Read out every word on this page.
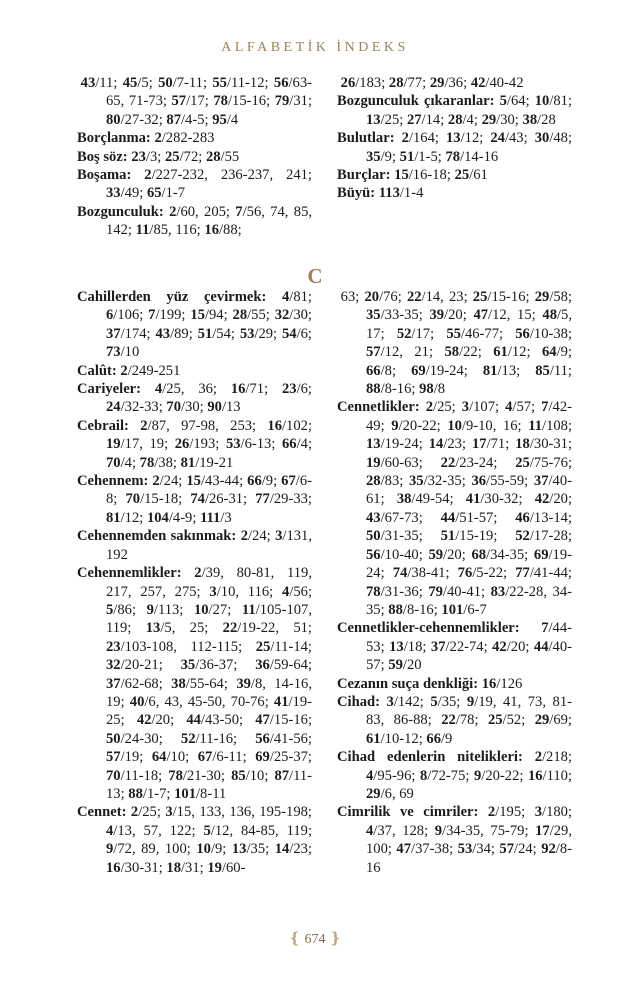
ALFABETİK İNDEKS
43/11; 45/5; 50/7-11; 55/11-12; 56/63-65, 71-73; 57/17; 78/15-16; 79/31; 80/27-32; 87/4-5; 95/4
Borçlanma: 2/282-283
Boş söz: 23/3; 25/72; 28/55
Boşama: 2/227-232, 236-237, 241; 33/49; 65/1-7
Bozgunculuk: 2/60, 205; 7/56, 74, 85, 142; 11/85, 116; 16/88;
26/183; 28/77; 29/36; 42/40-42
Bozgunculuk çıkaranlar: 5/64; 10/81; 13/25; 27/14; 28/4; 29/30; 38/28
Bulutlar: 2/164; 13/12; 24/43; 30/48; 35/9; 51/1-5; 78/14-16
Burçlar: 15/16-18; 25/61
Büyü: 113/1-4
C
Cahillerden yüz çevirmek: 4/81; 6/106; 7/199; 15/94; 28/55; 32/30; 37/174; 43/89; 51/54; 53/29; 54/6; 73/10
Calût: 2/249-251
Cariyeler: 4/25, 36; 16/71; 23/6; 24/32-33; 70/30; 90/13
Cebrail: 2/87, 97-98, 253; 16/102; 19/17, 19; 26/193; 53/6-13; 66/4; 70/4; 78/38; 81/19-21
Cehennem: 2/24; 15/43-44; 66/9; 67/6-8; 70/15-18; 74/26-31; 77/29-33; 81/12; 104/4-9; 111/3
Cehennemden sakınmak: 2/24; 3/131, 192
Cehennemlikler: 2/39, 80-81, 119, 217, 257, 275; 3/10, 116; 4/56; 5/86; 9/113; 10/27; 11/105-107, 119; 13/5, 25; 22/19-22, 51; 23/103-108, 112-115; 25/11-14; 32/20-21; 35/36-37; 36/59-64; 37/62-68; 38/55-64; 39/8, 14-16, 19; 40/6, 43, 45-50, 70-76; 41/19-25; 42/20; 44/43-50; 47/15-16; 50/24-30; 52/11-16; 56/41-56; 57/19; 64/10; 67/6-11; 69/25-37; 70/11-18; 78/21-30; 85/10; 87/11-13; 88/1-7; 101/8-11
Cennet: 2/25; 3/15, 133, 136, 195-198; 4/13, 57, 122; 5/12, 84-85, 119; 9/72, 89, 100; 10/9; 13/35; 14/23; 16/30-31; 18/31; 19/60-
63; 20/76; 22/14, 23; 25/15-16; 29/58; 35/33-35; 39/20; 47/12, 15; 48/5, 17; 52/17; 55/46-77; 56/10-38; 57/12, 21; 58/22; 61/12; 64/9; 66/8; 69/19-24; 81/13; 85/11; 88/8-16; 98/8
Cennetlikler: 2/25; 3/107; 4/57; 7/42-49; 9/20-22; 10/9-10, 16; 11/108; 13/19-24; 14/23; 17/71; 18/30-31; 19/60-63; 22/23-24; 25/75-76; 28/83; 35/32-35; 36/55-59; 37/40-61; 38/49-54; 41/30-32; 42/20; 43/67-73; 44/51-57; 46/13-14; 50/31-35; 51/15-19; 52/17-28; 56/10-40; 59/20; 68/34-35; 69/19-24; 74/38-41; 76/5-22; 77/41-44; 78/31-36; 79/40-41; 83/22-28, 34-35; 88/8-16; 101/6-7
Cennetlikler-cehennemlikler: 7/44-53; 13/18; 37/22-74; 42/20; 44/40-57; 59/20
Cezanın suça denkliği: 16/126
Cihad: 3/142; 5/35; 9/19, 41, 73, 81-83, 86-88; 22/78; 25/52; 29/69; 61/10-12; 66/9
Cihad edenlerin nitelikleri: 2/218; 4/95-96; 8/72-75; 9/20-22; 16/110; 29/6, 69
Cimrilik ve cimriler: 2/195; 3/180; 4/37, 128; 9/34-35, 75-79; 17/29, 100; 47/37-38; 53/34; 57/24; 92/8-16
❴ 674 ❵
